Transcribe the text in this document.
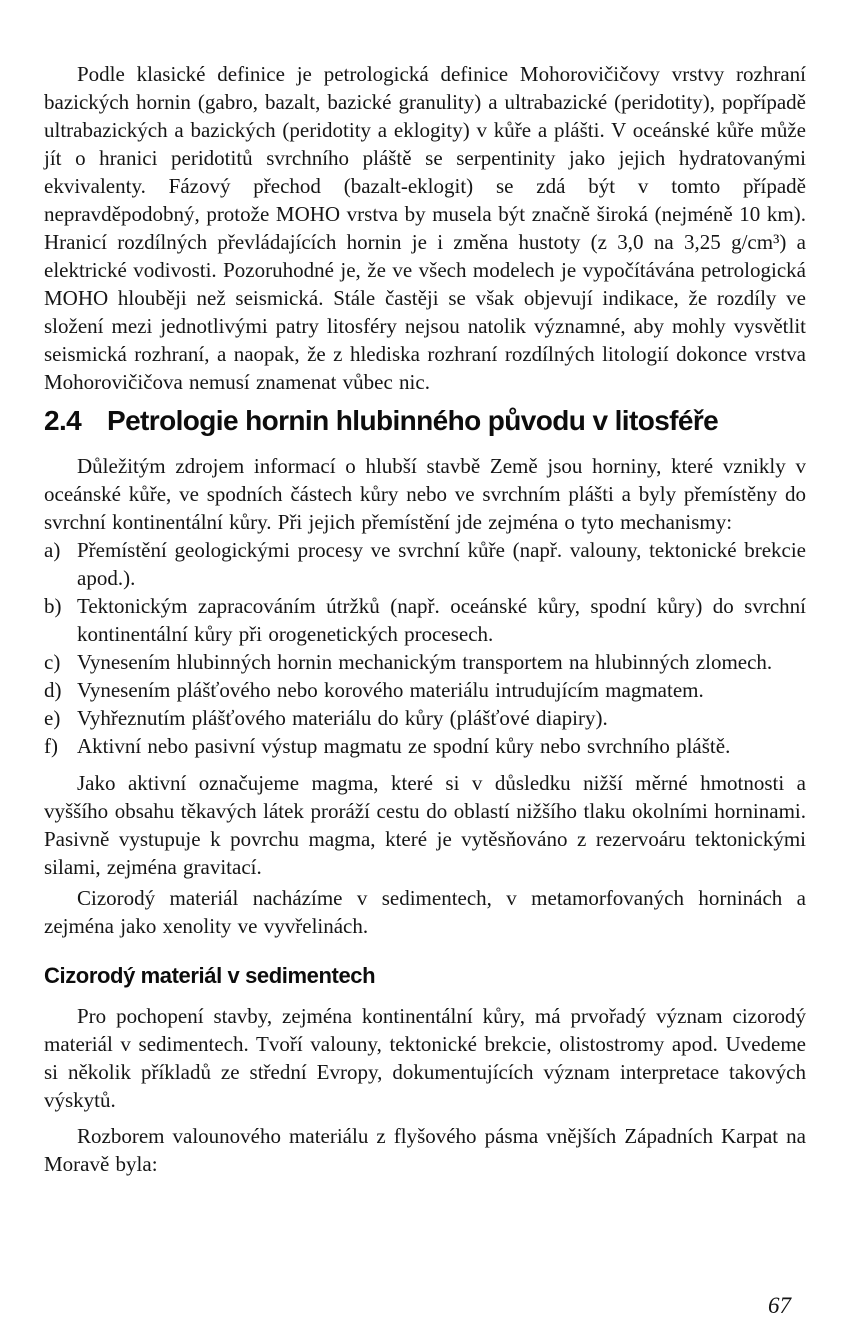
Podle klasické definice je petrologická definice Mohorovičičovy vrstvy rozhraní bazických hornin (gabro, bazalt, bazické granulity) a ultrabazické (peridotity), popřípadě ultrabazických a bazických (peridotity a eklogity) v kůře a plášti. V oceánské kůře může jít o hranici peridotitů svrchního pláště se serpentinity jako jejich hydratovanými ekvivalenty. Fázový přechod (bazalt-eklogit) se zdá být v tomto případě nepravděpodobný, protože MOHO vrstva by musela být značně široká (nejméně 10 km). Hranicí rozdílných převládajících hornin je i změna hustoty (z 3,0 na 3,25 g/cm³) a elektrické vodivosti. Pozoruhodné je, že ve všech modelech je vypočítávána petrologická MOHO hlouběji než seismická. Stále častěji se však objevují indikace, že rozdíly ve složení mezi jednotlivými patry litosféry nejsou natolik významné, aby mohly vysvětlit seismická rozhraní, a naopak, že z hlediska rozhraní rozdílných litologií dokonce vrstva Mohorovičičova nemusí znamenat vůbec nic.

2.4 Petrologie hornin hlubinného původu v litosféře

Důležitým zdrojem informací o hlubší stavbě Země jsou horniny, které vznikly v oceánské kůře, ve spodních částech kůry nebo ve svrchním plášti a byly přemístěny do svrchní kontinentální kůry. Při jejich přemístění jde zejména o tyto mechanismy:

a) Přemístění geologickými procesy ve svrchní kůře (např. valouny, tektonické brekcie apod.).
b) Tektonickým zapracováním útržků (např. oceánské kůry, spodní kůry) do svrchní kontinentální kůry při orogenetických procesech.
c) Vynesením hlubinných hornin mechanickým transportem na hlubinných zlomech.
d) Vynesením plášťového nebo korového materiálu intrudujícím magmatem.
e) Vyhřeznutím plášťového materiálu do kůry (plášťové diapiry).
f) Aktivní nebo pasivní výstup magmatu ze spodní kůry nebo svrchního pláště.

Jako aktivní označujeme magma, které si v důsledku nižší měrné hmotnosti a vyššího obsahu těkavých látek proráží cestu do oblastí nižšího tlaku okolními horninami. Pasivně vystupuje k povrchu magma, které je vytěsňováno z rezervoáru tektonickými silami, zejména gravitací.

Cizorodý materiál nacházíme v sedimentech, v metamorfovaných horninách a zejména jako xenolity ve vyvřelinách.

Cizorodý materiál v sedimentech

Pro pochopení stavby, zejména kontinentální kůry, má prvořadý význam cizorodý materiál v sedimentech. Tvoří valouny, tektonické brekcie, olistostromy apod. Uvedeme si několik příkladů ze střední Evropy, dokumentujících význam interpretace takových výskytů.

Rozborem valounového materiálu z flyšového pásma vnějších Západních Karpat na Moravě byla:

67
